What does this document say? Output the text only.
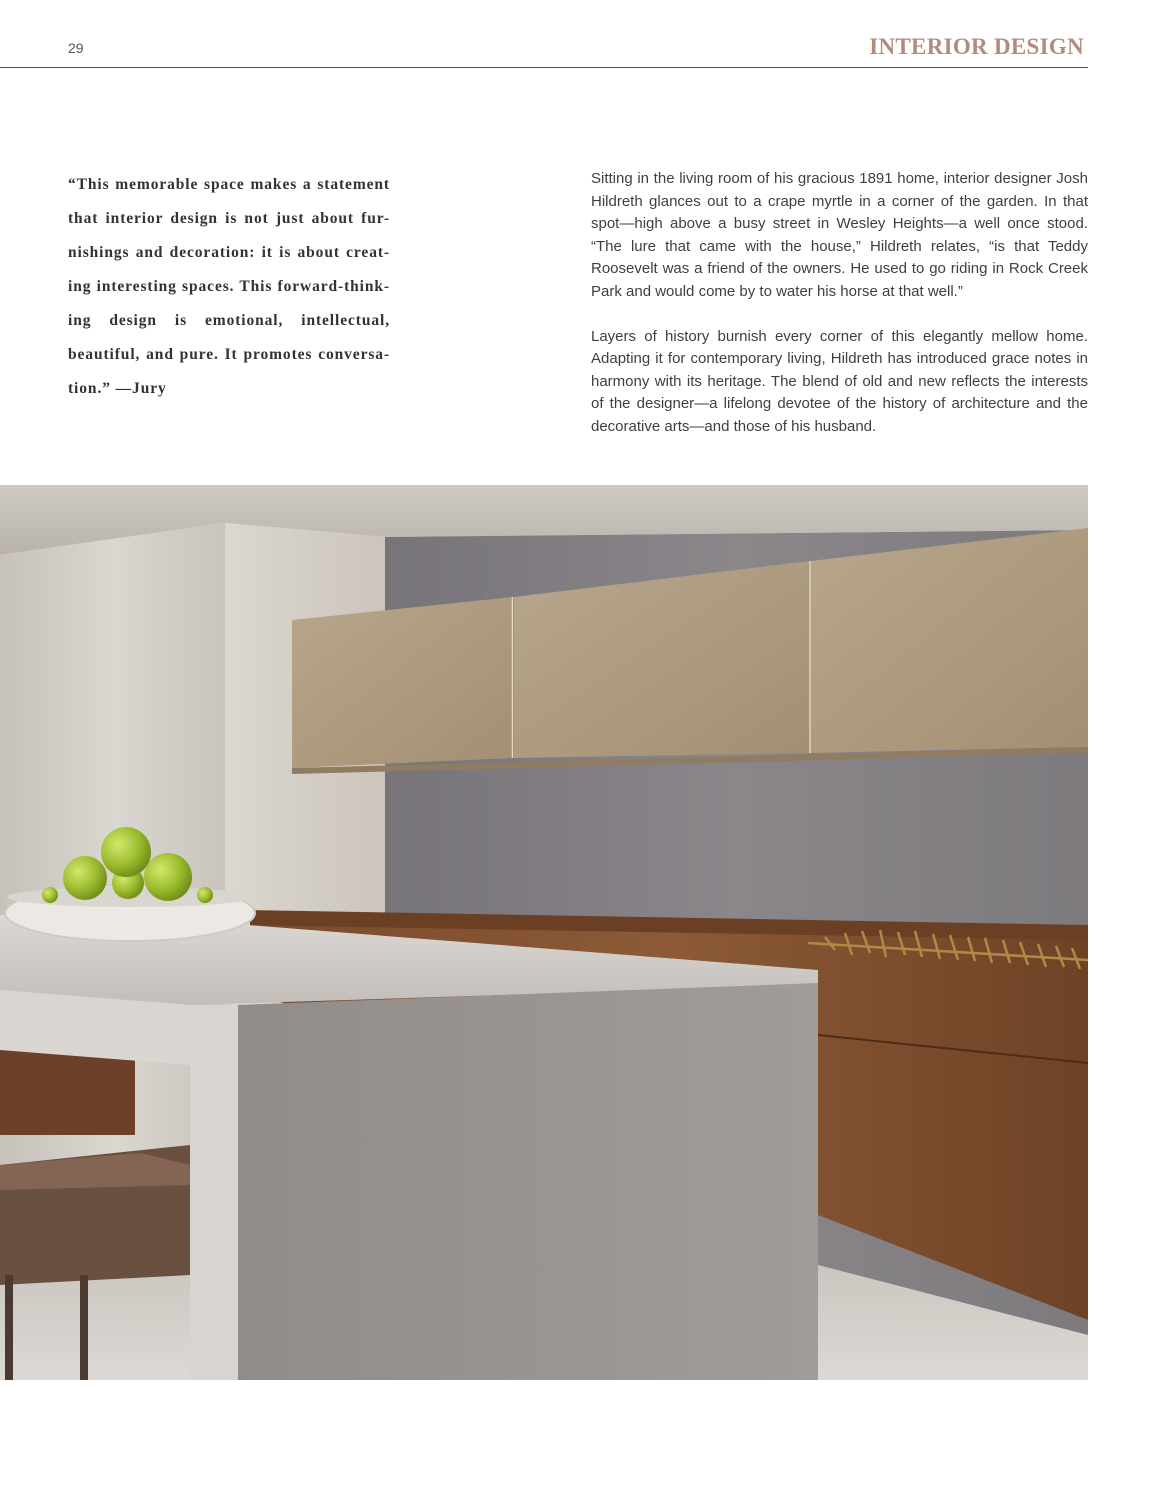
29	INTERIOR DESIGN

“This memorable space makes a statement that interior design is not just about fur-nishings and decoration: it is about creat-ing interesting spaces. This forward-think-ing design is emotional, intellectual, beautiful, and pure. It promotes conversa-tion.” —Jury

Sitting in the living room of his gracious 1891 home, interior designer Josh Hildreth glances out to a crape myrtle in a corner of the garden. In that spot—high above a busy street in Wesley Heights—a well once stood. “The lure that came with the house,” Hildreth relates, “is that Teddy Roosevelt was a friend of the owners. He used to go riding in Rock Creek Park and would come by to water his horse at that well.”

Layers of history burnish every corner of this elegantly mellow home. Adapting it for contemporary living, Hildreth has introduced grace notes in harmony with its heritage. The blend of old and new reflects the interests of the designer—a lifelong devotee of the history of architecture and the decorative arts—and those of his husband.
